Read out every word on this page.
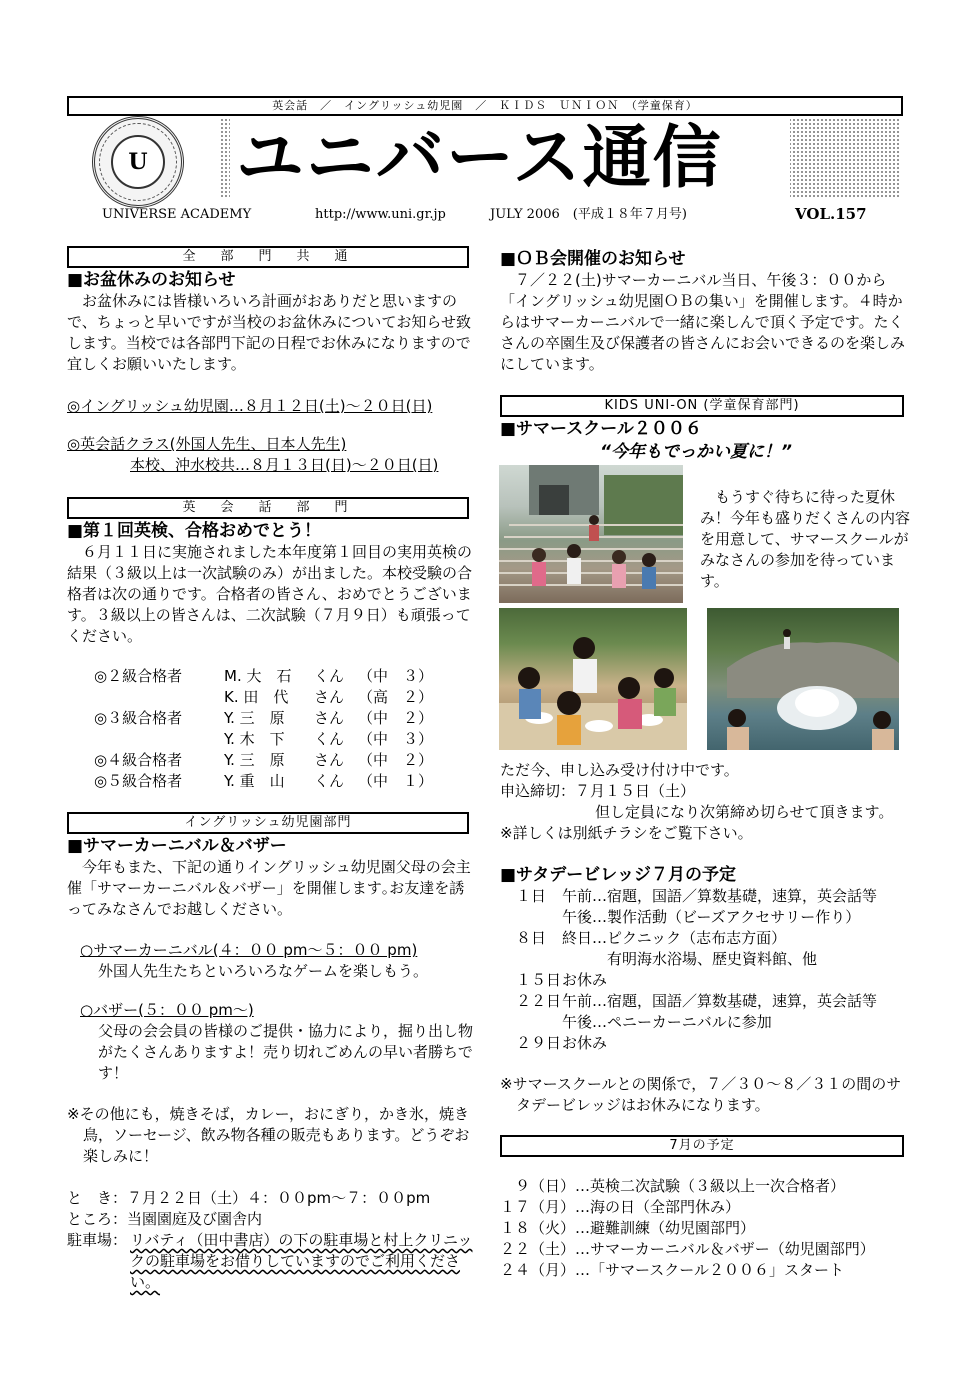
英会話　／　イングリッシュ幼児園　／　ＫＩＤＳ　ＵＮＩＯＮ　（学童保育）
U ユニバース通信
UNIVERSE ACADEMY	http://www.uni.gr.jp	JULY 2006　(平成１８年７月号)	VOL.157
全　部　門　共　通
■お盆休みのお知らせ
　お盆休みには皆様いろいろ計画がおありだと思いますので、ちょっと早いですが当校のお盆休みについてお知らせ致します。当校では各部門下記の日程でお休みになりますので宜しくお願いいたします。
◎イングリッシュ幼児園…８月１２日(土)～２０日(日)
◎英会話クラス(外国人先生、日本人先生)
本校、沖水校共…８月１３日(日)～２０日(日)
英　会　話　部　門
■第１回英検、合格おめでとう！
　６月１１日に実施されました本年度第１回目の実用英検の結果（３級以上は一次試験のみ）が出ました。本校受験の合格者は次の通りです。合格者の皆さん、おめでとうございます。３級以上の皆さんは、二次試験（７月９日）も頑張ってください。
◎２級合格者	M. 大　石	くん	（中　３）
	K. 田　代	さん	（高　２）
◎３級合格者	Y. 三　原	さん	（中　２）
	Y. 木　下	くん	（中　３）
◎４級合格者	Y. 三　原	さん	（中　２）
◎５級合格者	Y. 重　山	くん	（中　１）
イングリッシュ幼児園部門
■サマーカーニバル＆バザー
　今年もまた、下記の通りイングリッシュ幼児園父母の会主催「サマーカーニバル＆バザー」を開催します｡お友達を誘ってみなさんでお越しください。
○サマーカーニバル(４：００ pm～５：００ pm)
外国人先生たちといろいろなゲームを楽しもう。
○バザー(５：００ pm～)
父母の会会員の皆様のご提供・協力により，掘り出し物がたくさんありますよ！売り切れごめんの早い者勝ちです！
※その他にも，焼きそば，カレー，おにぎり，かき氷，焼き鳥，ソーセージ、飲み物各種の販売もあります。どうぞお楽しみに！
と　き：７月２２日（土）４：００pm～７：００pm
ところ：当園園庭及び園舎内
駐車場： リバティ（田中書店）の下の駐車場と村上クリニックの駐車場をお借りしていますのでご利用ください。
■ＯＢ会開催のお知らせ
　７／２２(土)サマーカーニバル当日、午後３：００から「イングリッシュ幼児園ＯＢの集い」を開催します。４時からはサマーカーニバルで一緒に楽しんで頂く予定です。たくさんの卒園生及び保護者の皆さんにお会いできるのを楽しみにしています。
KIDS UNI-ON (学童保育部門)
■サマースクール２００６
“今年もでっかい夏に！”
　もうすぐ待ちに待った夏休み！今年も盛りだくさんの内容を用意して、サマースクールがみなさんの参加を待っています。
ただ今、申し込み受け付け中です。
申込締切：７月１５日（土）
但し定員になり次第締め切らせて頂きます。
※詳しくは別紙チラシをご覧下さい。
■サタデービレッジ７月の予定
１日	午前…宿題，国語／算数基礎，速算，英会話等
午後…製作活動（ビーズアクセサリー作り）
８日	終日…ピクニック（志布志方面）
　　　有明海水浴場、歴史資料館、他
１５日 お休み
２２日 午前…宿題，国語／算数基礎，速算，英会話等
午後…ペニーカーニバルに参加
２９日 お休み
※サマースクールとの関係で，７／３０～８／３１の間のサタデービレッジはお休みになります。
7月の予定
　９（日）…英検二次試験（３級以上一次合格者）
１７（月）…海の日（全部門休み）
１８（火）…避難訓練（幼児園部門）
２２（土）…サマーカーニバル＆バザー（幼児園部門）
２４（月）…「サマースクール２００６」スタート
